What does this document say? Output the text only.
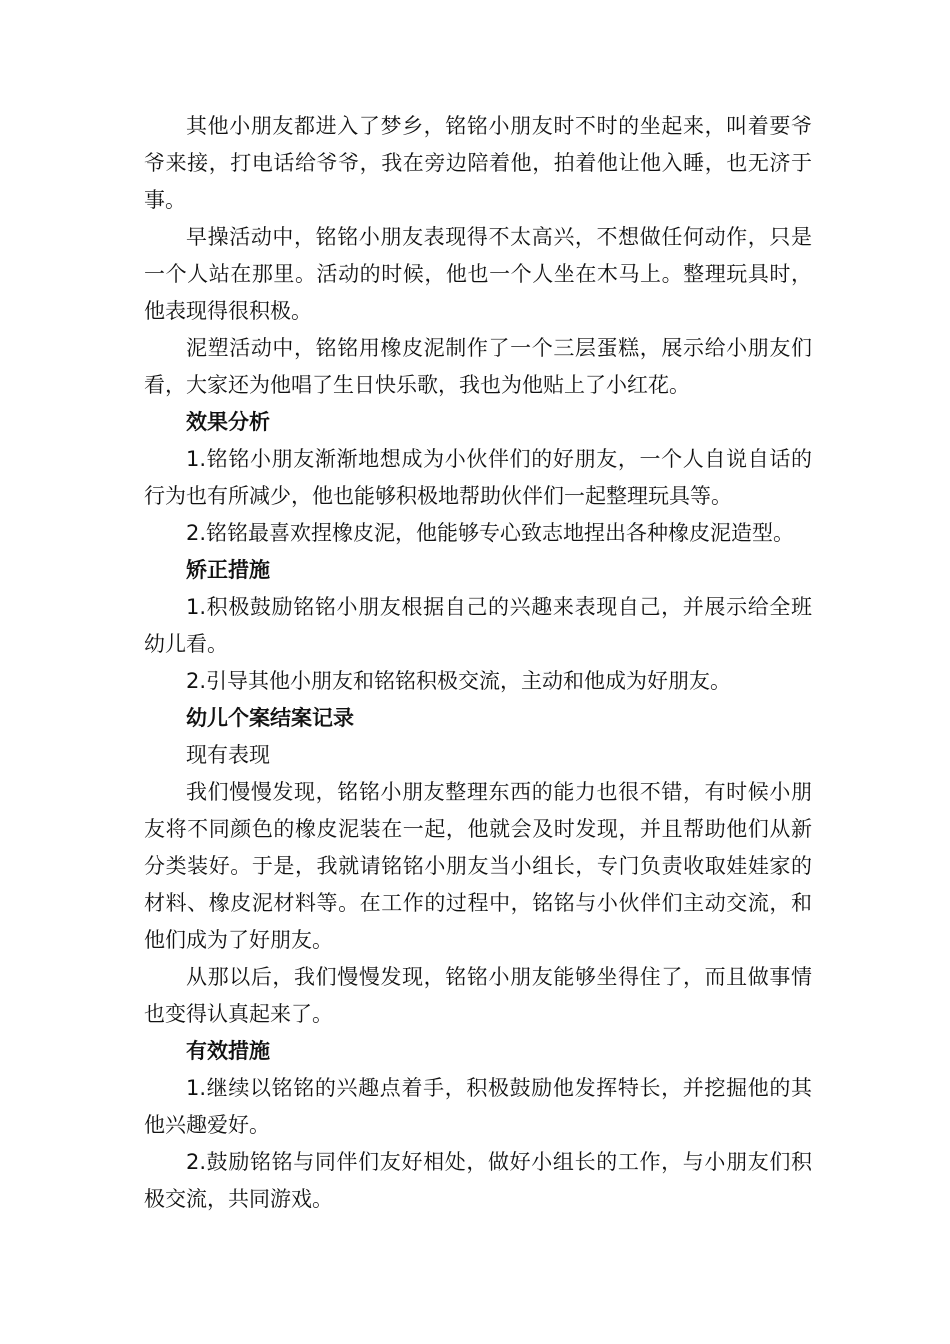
其他小朋友都进入了梦乡，铭铭小朋友时不时的坐起来，叫着要爷爷来接，打电话给爷爷，我在旁边陪着他，拍着他让他入睡，也无济于事。

早操活动中，铭铭小朋友表现得不太高兴，不想做任何动作，只是一个人站在那里。活动的时候，他也一个人坐在木马上。整理玩具时，他表现得很积极。

泥塑活动中，铭铭用橡皮泥制作了一个三层蛋糕，展示给小朋友们看，大家还为他唱了生日快乐歌，我也为他贴上了小红花。

效果分析

1.铭铭小朋友渐渐地想成为小伙伴们的好朋友，一个人自说自话的行为也有所减少，他也能够积极地帮助伙伴们一起整理玩具等。

2.铭铭最喜欢捏橡皮泥，他能够专心致志地捏出各种橡皮泥造型。

矫正措施

1.积极鼓励铭铭小朋友根据自己的兴趣来表现自己，并展示给全班幼儿看。

2.引导其他小朋友和铭铭积极交流，主动和他成为好朋友。

幼儿个案结案记录

现有表现

我们慢慢发现，铭铭小朋友整理东西的能力也很不错，有时候小朋友将不同颜色的橡皮泥装在一起，他就会及时发现，并且帮助他们从新分类装好。于是，我就请铭铭小朋友当小组长，专门负责收取娃娃家的材料、橡皮泥材料等。在工作的过程中，铭铭与小伙伴们主动交流，和他们成为了好朋友。

从那以后，我们慢慢发现，铭铭小朋友能够坐得住了，而且做事情也变得认真起来了。

有效措施

1.继续以铭铭的兴趣点着手，积极鼓励他发挥特长，并挖掘他的其他兴趣爱好。

2.鼓励铭铭与同伴们友好相处，做好小组长的工作，与小朋友们积极交流，共同游戏。
